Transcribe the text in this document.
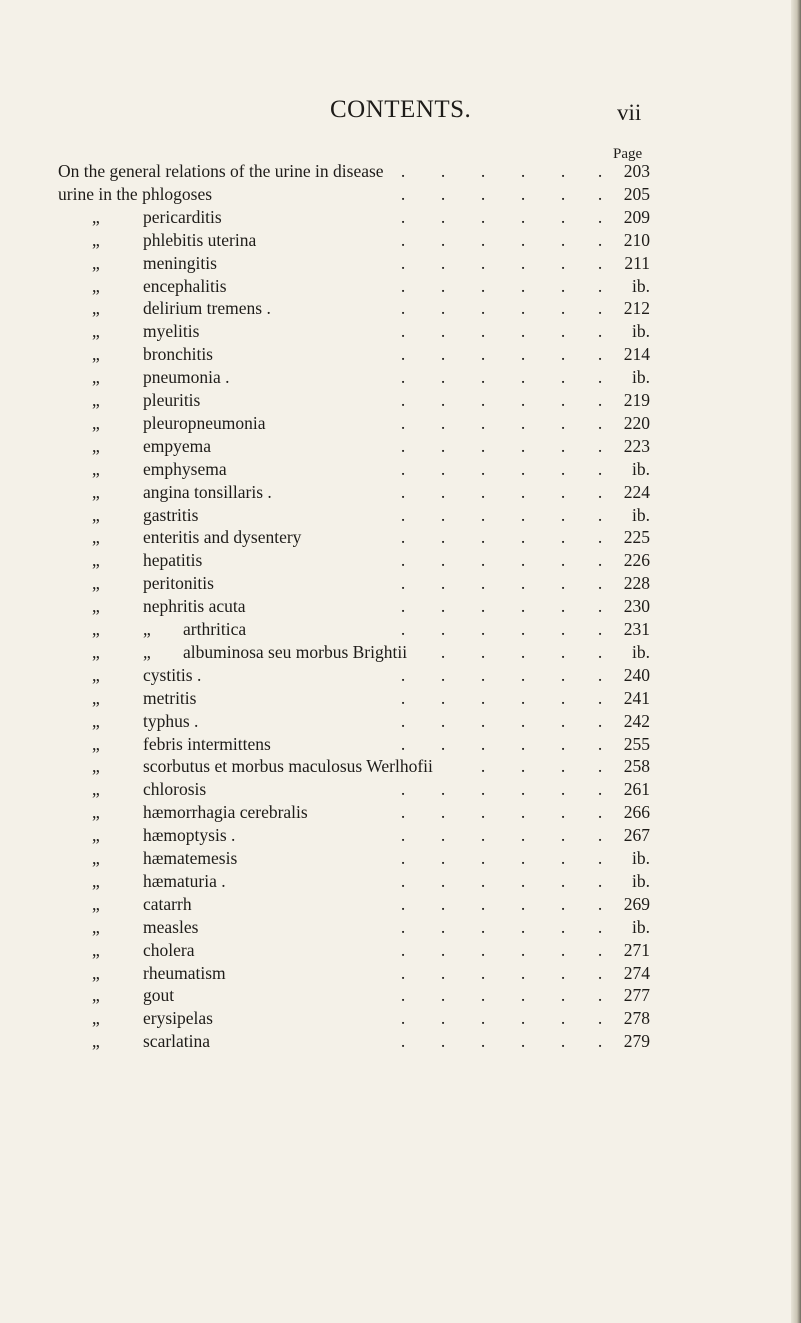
CONTENTS.	vii
Page
On the general relations of the urine in disease . . . . . .	203
urine in the phlogoses	. . . . . .	205
„	pericarditis	. . . . . .	209
„	phlebitis uterina	. . . . . .	210
„	meningitis	. . . . . .	211
„	encephalitis	. . . . . .	ib.
„	delirium tremens .	. . . . . .	212
„	myelitis	. . . . . .	ib.
„	bronchitis	. . . . . .	214
„	pneumonia .	. . . . . .	ib.
„	pleuritis	. . . . . .	219
„	pleuropneumonia	. . . . . .	220
„	empyema	. . . . . .	223
„	emphysema	. . . . . .	ib.
„	angina tonsillaris .	. . . . . .	224
„	gastritis	. . . . . .	ib.
„	enteritis and dysentery	. . . . . .	225
„	hepatitis	. . . . . .	226
„	peritonitis	. . . . . .	228
„	nephritis acuta	. . . . . .	230
„	„ arthritica	. . . . . .	231
„	„ albuminosa seu morbus Brightii . . . . .	ib.
„	cystitis .	. . . . . .	240
„	metritis	. . . . . .	241
„	typhus .	. . . . . .	242
„	febris intermittens	. . . . . .	255
„	scorbutus et morbus maculosus Werlhofii	. . . .	258
„	chlorosis	. . . . . .	261
„	hæmorrhagia cerebralis	. . . . . .	266
„	hæmoptysis .	. . . . . .	267
„	hæmatemesis	. . . . . .	ib.
„	hæmaturia .	. . . . . .	ib.
„	catarrh	. . . . . .	269
„	measles	. . . . . .	ib.
„	cholera	. . . . . .	271
„	rheumatism	. . . . . .	274
„	gout	. . . . . .	277
„	erysipelas	. . . . . .	278
„	scarlatina	. . . . . .	279
